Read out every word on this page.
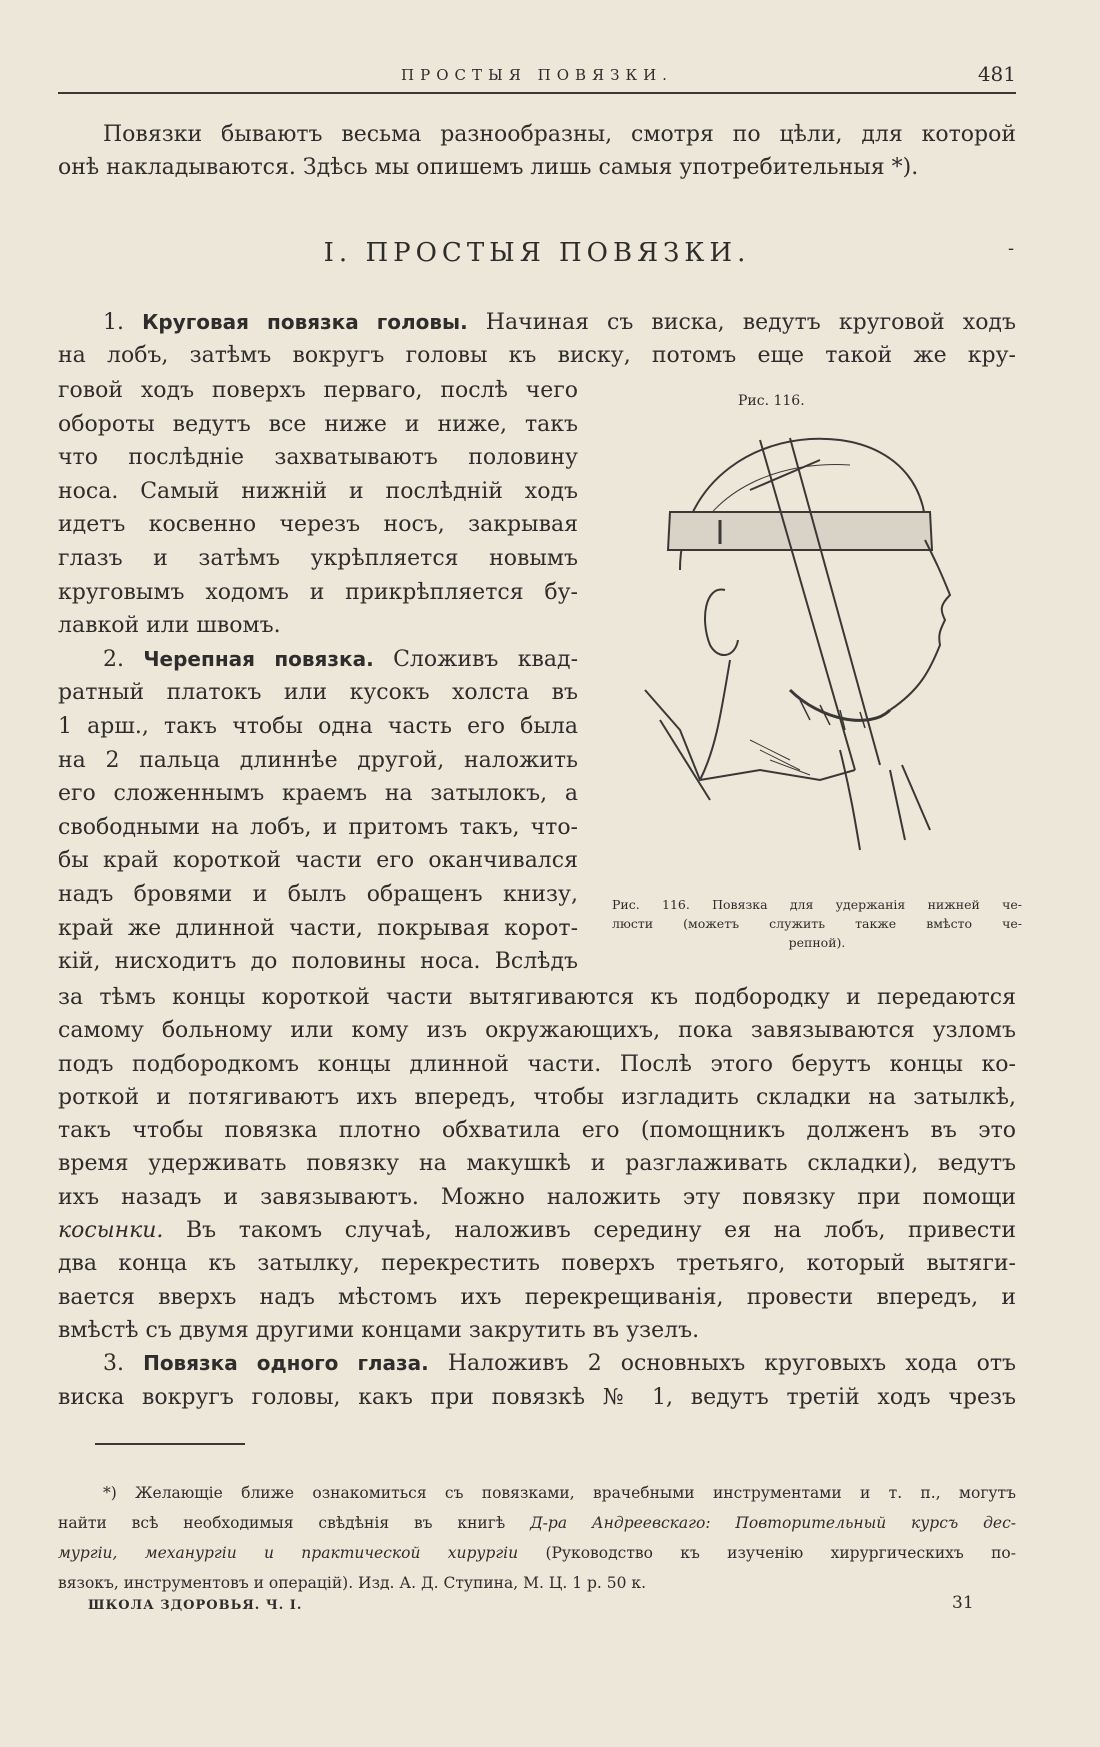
ПРОСТЫЯ ПОВЯЗКИ.	481
Повязки бываютъ весьма разнообразны, смотря по цѣли, для которой
онѣ накладываются. Здѣсь мы опишемъ лишь самыя употребительныя *).
I. ПРОСТЫЯ ПОВЯЗКИ.	-
1. Круговая повязка головы. Начиная съ виска, ведутъ круговой ходъ
на лобъ, затѣмъ вокругъ головы къ виску, потомъ еще такой же кру-
говой ходъ поверхъ перваго, послѣ чего
обороты ведутъ все ниже и ниже, такъ
что послѣдніе захватываютъ половину
носа. Самый нижній и послѣдній ходъ
идетъ косвенно черезъ носъ, закрывая
глазъ и затѣмъ укрѣпляется новымъ
круговымъ ходомъ и прикрѣпляется бу-
лавкой или швомъ.
2. Черепная повязка. Сложивъ квад-
ратный платокъ или кусокъ холста въ
1 арш., такъ чтобы одна часть его была
на 2 пальца длиннѣе другой, наложить
его сложеннымъ краемъ на затылокъ, а
свободными на лобъ, и притомъ такъ, что-
бы край короткой части его оканчивался
надъ бровями и былъ обращенъ книзу,
край же длинной части, покрывая корот-
кій, нисходитъ до половины носа. Вслѣдъ
Рис. 116.
Рис. 116. Повязка для удержанія нижней че-
люсти (можетъ служить также вмѣсто че-
репной).
за тѣмъ концы короткой части вытягиваются къ подбородку и передаются
самому больному или кому изъ окружающихъ, пока завязываются узломъ
подъ подбородкомъ концы длинной части. Послѣ этого берутъ концы ко-
роткой и потягиваютъ ихъ впередъ, чтобы изгладить складки на затылкѣ,
такъ чтобы повязка плотно обхватила его (помощникъ долженъ въ это
время удерживать повязку на макушкѣ и разглаживать складки), ведутъ
ихъ назадъ и завязываютъ. Можно наложить эту повязку при помощи
косынки. Въ такомъ случаѣ, наложивъ середину ея на лобъ, привести
два конца къ затылку, перекрестить поверхъ третьяго, который вытяги-
вается вверхъ надъ мѣстомъ ихъ перекрещиванія, провести впередъ, и
вмѣстѣ съ двумя другими концами закрутить въ узелъ.
3. Повязка одного глаза. Наложивъ 2 основныхъ круговыхъ хода отъ
виска вокругъ головы, какъ при повязкѣ № 1, ведутъ третій ходъ чрезъ
*) Желающіе ближе ознакомиться съ повязками, врачебными инструментами и т. п., могутъ
найти всѣ необходимыя свѣдѣнія въ книгѣ Д-ра Андреевскаго: Повторительный курсъ дес-
мургіи, механургіи и практической хирургіи (Руководство къ изученію хирургическихъ по-
вязокъ, инструментовъ и операцій). Изд. А. Д. Ступина, М. Ц. 1 р. 50 к.
ШКОЛА ЗДОРОВЬЯ. Ч. I.	31
